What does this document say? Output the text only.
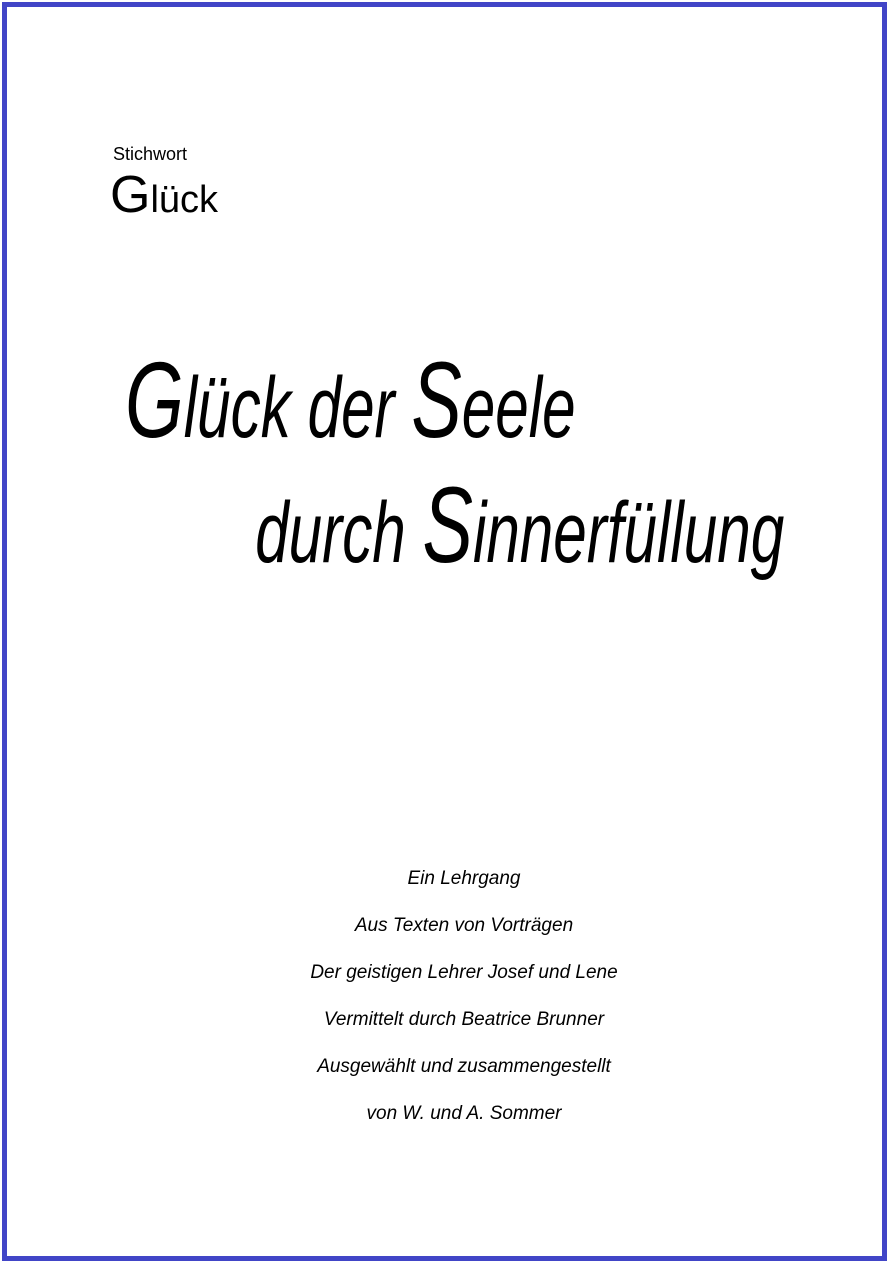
Stichwort
Glück
Glück der Seele
durch Sinnerfüllung
Ein Lehrgang
Aus Texten von Vorträgen
Der geistigen Lehrer Josef und Lene
Vermittelt durch Beatrice Brunner
Ausgewählt und zusammengestellt
von W. und A. Sommer
